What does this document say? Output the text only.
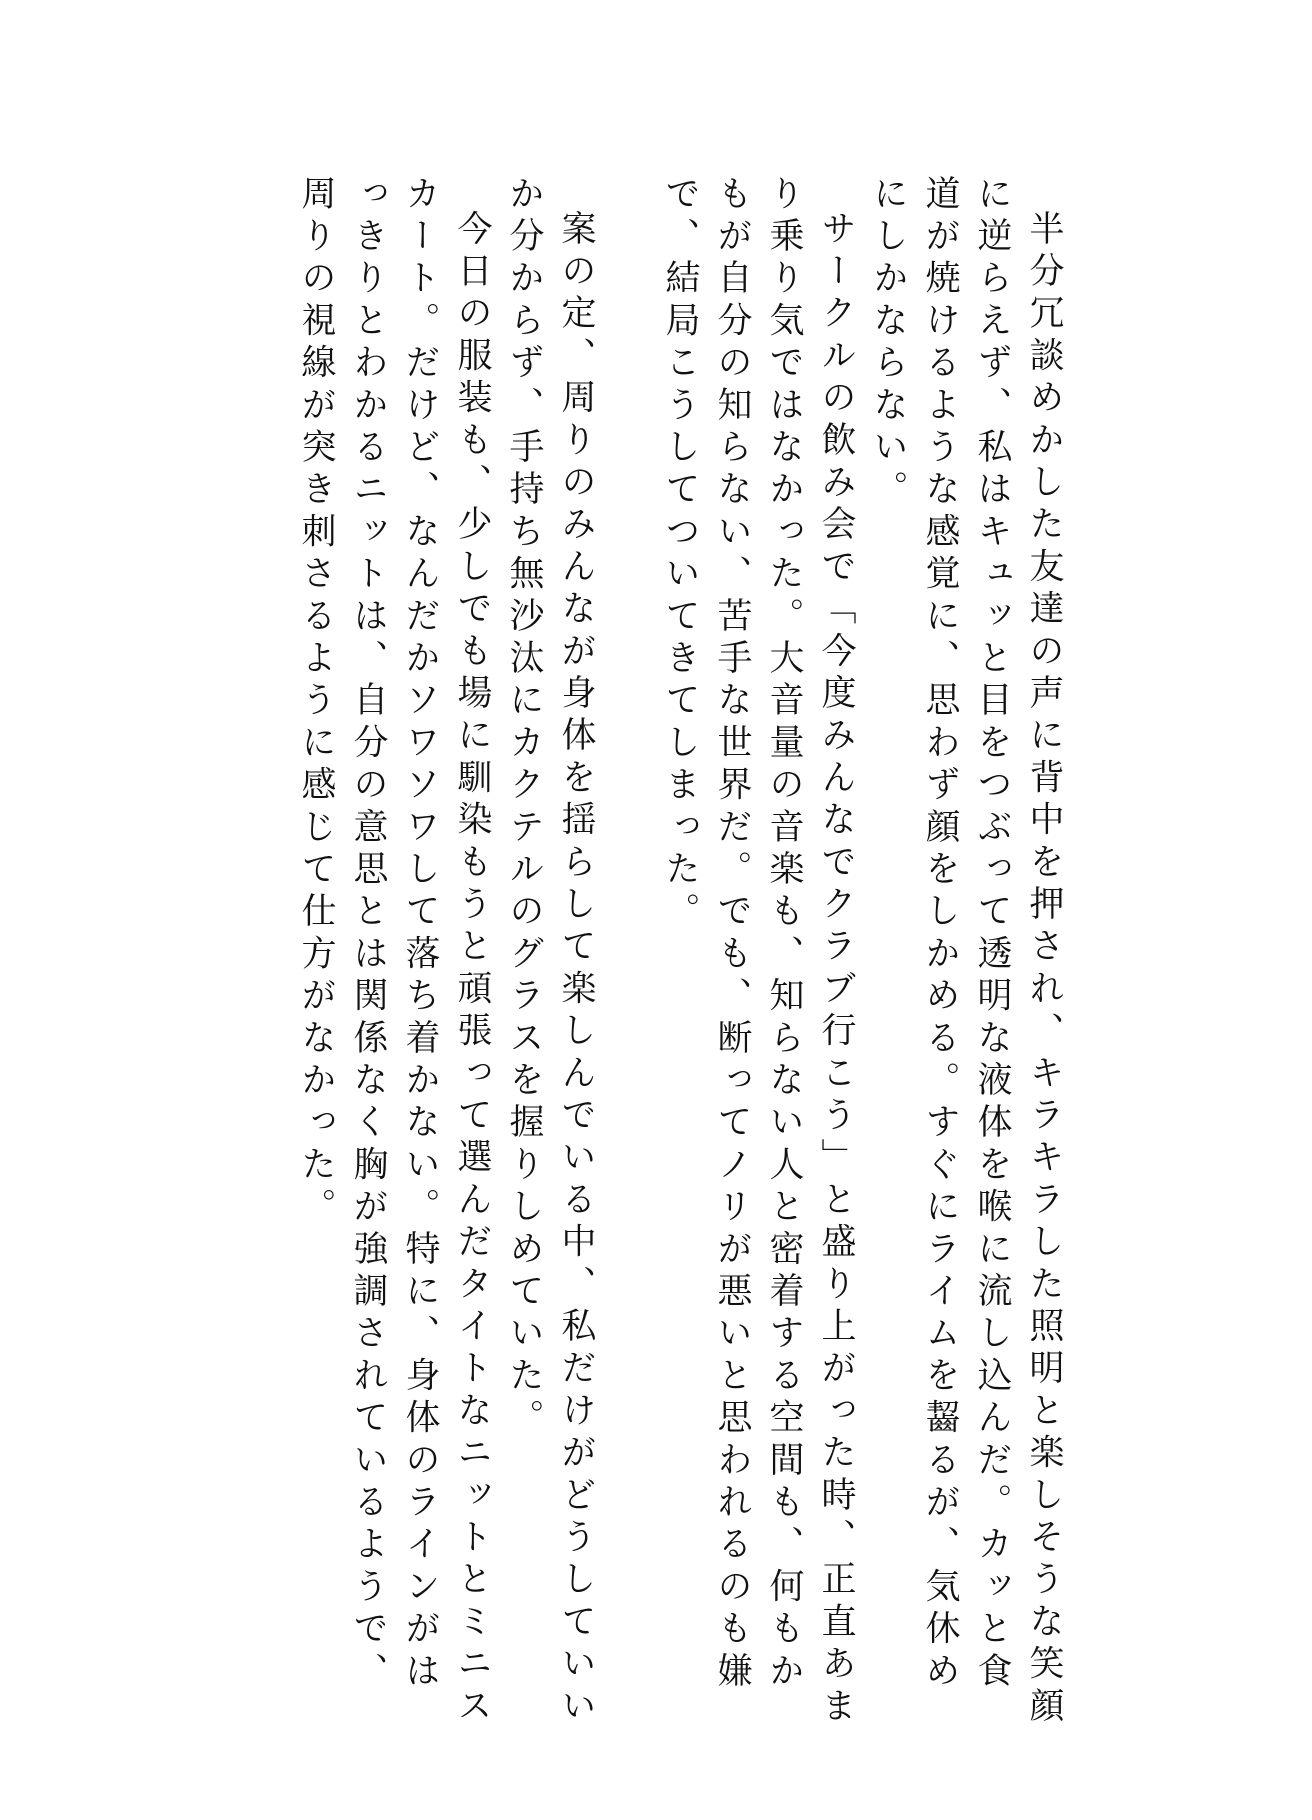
半分冗談めかした友達の声に背中を押され、キラキラした照明と楽しそうな笑顔に逆らえず、私はキュッと目をつぶって透明な液体を喉に流し込んだ。カッと食道が焼けるような感覚に、思わず顔をしかめる。すぐにライムを齧るが、気休めにしかならない。

サークルの飲み会で「今度みんなでクラブ行こう」と盛り上がった時、正直あまり乗り気ではなかった。大音量の音楽も、知らない人と密着する空間も、何もかもが自分の知らない、苦手な世界だ。でも、断ってノリが悪いと思われるのも嫌で、結局こうしてついてきてしまった。

案の定、周りのみんなが身体を揺らして楽しんでいる中、私だけがどうしていいか分からず、手持ち無沙汰にカクテルのグラスを握りしめていた。

今日の服装も、少しでも場に馴染もうと頑張って選んだタイトなニットとミニスカート。だけど、なんだかソワソワして落ち着かない。特に、身体のラインがはっきりとわかるニットは、自分の意思とは関係なく胸が強調されているようで、周りの視線が突き刺さるように感じて仕方がなかった。
